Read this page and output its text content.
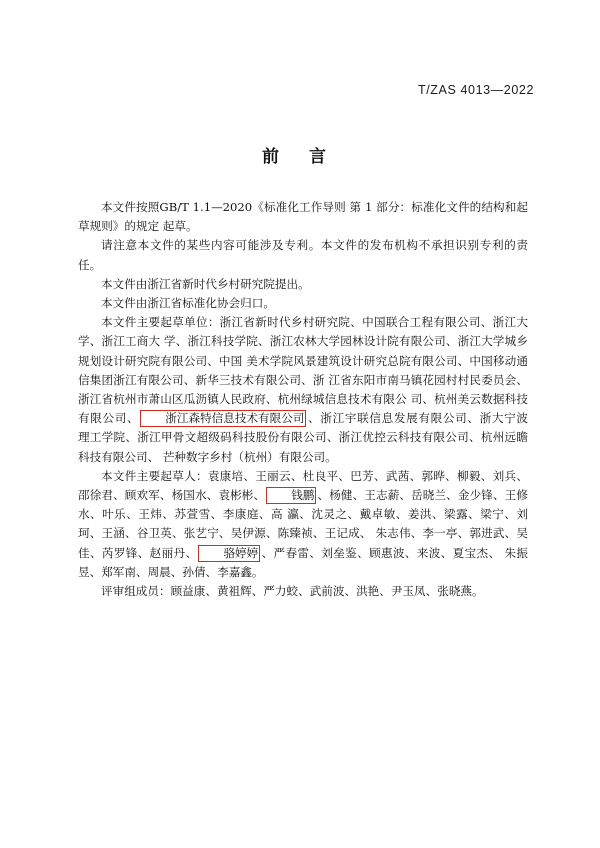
T/ZAS 4013—2022
前 言

本文件按照GB/T 1.1—2020《标准化工作导则 第 1 部分：标准化文件的结构和起草规则》的规定 起草。

请注意本文件的某些内容可能涉及专利。本文件的发布机构不承担识别专利的责任。

本文件由浙江省新时代乡村研究院提出。

本文件由浙江省标准化协会归口。

本文件主要起草单位：浙江省新时代乡村研究院、中国联合工程有限公司、浙江大学、浙江工商大 学、浙江科技学院、浙江农林大学园林设计院有限公司、浙江大学城乡规划设计研究院有限公司、中国 美术学院风景建筑设计研究总院有限公司、中国移动通信集团浙江有限公司、新华三技术有限公司、浙 江省东阳市南马镇花园村村民委员会、浙江省杭州市萧山区瓜沥镇人民政府、杭州绿城信息技术有限公 司、杭州美云数据科技有限公司、 浙江森特信息技术有限公司 、浙江宇联信息发展有限公司、浙大宁波 理工学院、浙江甲骨文超级码科技股份有限公司、浙江优控云科技有限公司、杭州远瞻科技有限公司、 芒种数字乡村（杭州）有限公司。

本文件主要起草人：袁康培、王丽云、杜良平、巴芳、武茜、郭晔、柳毅、刘兵、邵徐君、顾欢军、杨国水、袁彬彬、 钱鹏 、杨健、王志薪、岳晓兰、金少锋、王修水、叶乐、王炜、苏萱雪、李康庭、高 瀛、沈灵之、戴卓敏、姜洪、梁露、梁宁、刘珂、王涵、谷卫英、张艺宁、吴伊源、陈臻祯、王记成、 朱志伟、李一亭、郭进武、吴佳、芮罗锋、赵丽丹、 骆婷婷 、严春雷、刘垒鉴、顾惠波、来波、夏宝杰、 朱振昱、郑军南、周晨、孙倩、李嘉鑫。

评审组成员：顾益康、黄祖辉、严力蛟、武前波、洪艳、尹玉凤、张晓燕。
